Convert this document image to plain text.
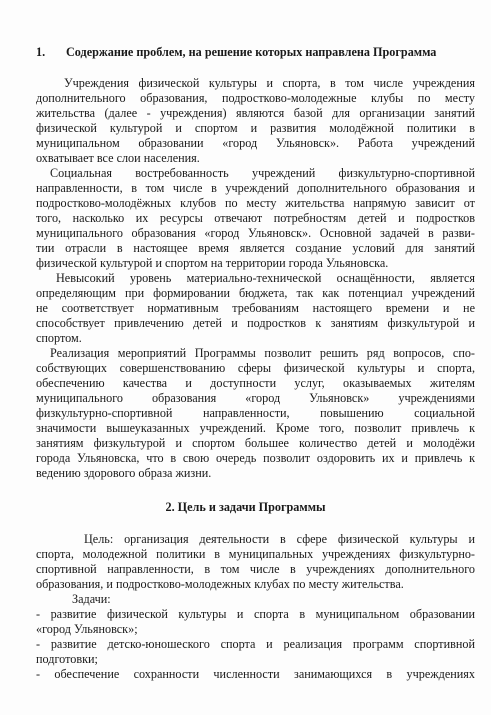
1. Содержание проблем, на решение которых направлена Программа
Учреждения физической культуры и спорта, в том числе учреждения
дополнительного образования, подростково-молодежные клубы по месту
жительства (далее - учреждения) являются базой для организации занятий
физической культурой и спортом и развития молодёжной политики в
муниципальном образовании «город Ульяновск». Работа учреждений
охватывает все слои населения.
Социальная востребованность учреждений физкультурно-спортивной
направленности, в том числе в учреждений дополнительного образования и
подростково-молодёжных клубов по месту жительства напрямую зависит от
того, насколько их ресурсы отвечают потребностям детей и подростков
муниципального образования «город Ульяновск». Основной задачей в разви-
тии отрасли в настоящее время является создание условий для занятий
физической культурой и спортом на территории города Ульяновска.
Невысокий уровень материально-технической оснащённости, является
определяющим при формировании бюджета, так как потенциал учреждений
не соответствует нормативным требованиям настоящего времени и не
способствует привлечению детей и подростков к занятиям физкультурой и
спортом.
Реализация мероприятий Программы позволит решить ряд вопросов, спо-
собствующих совершенствованию сферы физической культуры и спорта,
обеспечению качества и доступности услуг, оказываемых жителям
муниципального образования «город Ульяновск» учреждениями
физкультурно-спортивной направленности, повышению социальной
значимости вышеуказанных учреждений. Кроме того, позволит привлечь к
занятиям физкультурой и спортом большее количество детей и молодёжи
города Ульяновска, что в свою очередь позволит оздоровить их и привлечь к
ведению здорового образа жизни.
2. Цель и задачи Программы
Цель: организация деятельности в сфере физической культуры и
спорта, молодежной политики в муниципальных учреждениях физкультурно-
спортивной направленности, в том числе в учреждениях дополнительного
образования, и подростково-молодежных клубах по месту жительства.
Задачи:
- развитие физической культуры и спорта в муниципальном образовании
«город Ульяновск»;
- развитие детско-юношеского спорта и реализация программ спортивной
подготовки;
- обеспечение сохранности численности занимающихся в учреждениях
